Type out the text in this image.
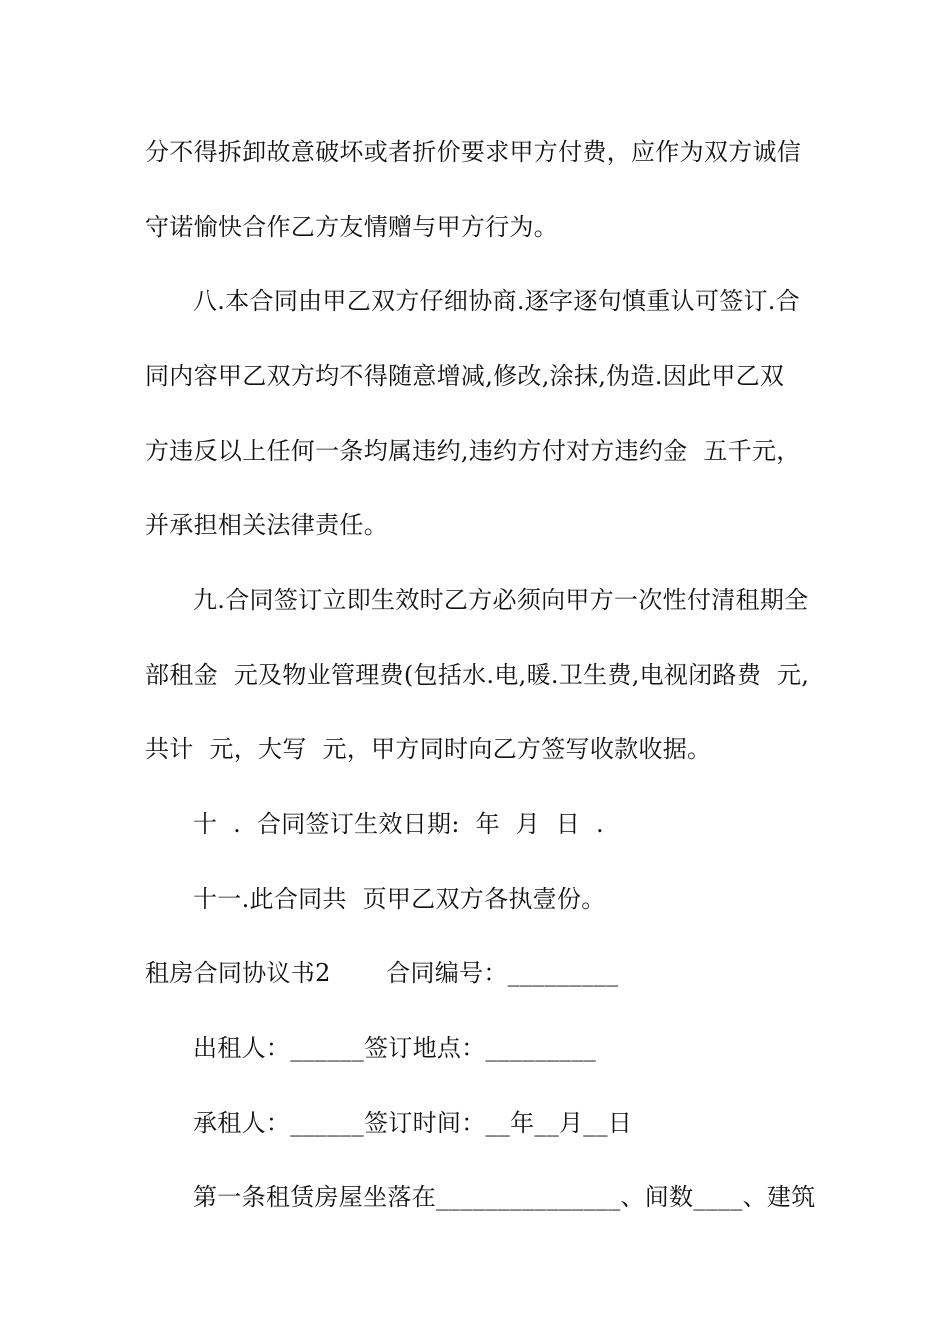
分不得拆卸故意破坏或者折价要求甲方付费，应作为双方诚信
守诺愉快合作乙方友情赠与甲方行为。
八.本合同由甲乙双方仔细协商.逐字逐句慎重认可签订.合
同内容甲乙双方均不得随意增减,修改,涂抹,伪造.因此甲乙双
方违反以上任何一条均属违约,违约方付对方违约金  五千元，
并承担相关法律责任。
九.合同签订立即生效时乙方必须向甲方一次性付清租期全
部租金  元及物业管理费(包括水.电,暖.卫生费,电视闭路费  元,
共计  元，大写  元，甲方同时向乙方签写收款收据。
十  .  合同签订生效日期:  年  月  日  .
十一.此合同共  页甲乙双方各执壹份。
租房合同协议书2       合同编号：_________
出租人：______签订地点：_________
承租人：______签订时间：__年__月__日
第一条租赁房屋坐落在_______________、间数____、建筑
